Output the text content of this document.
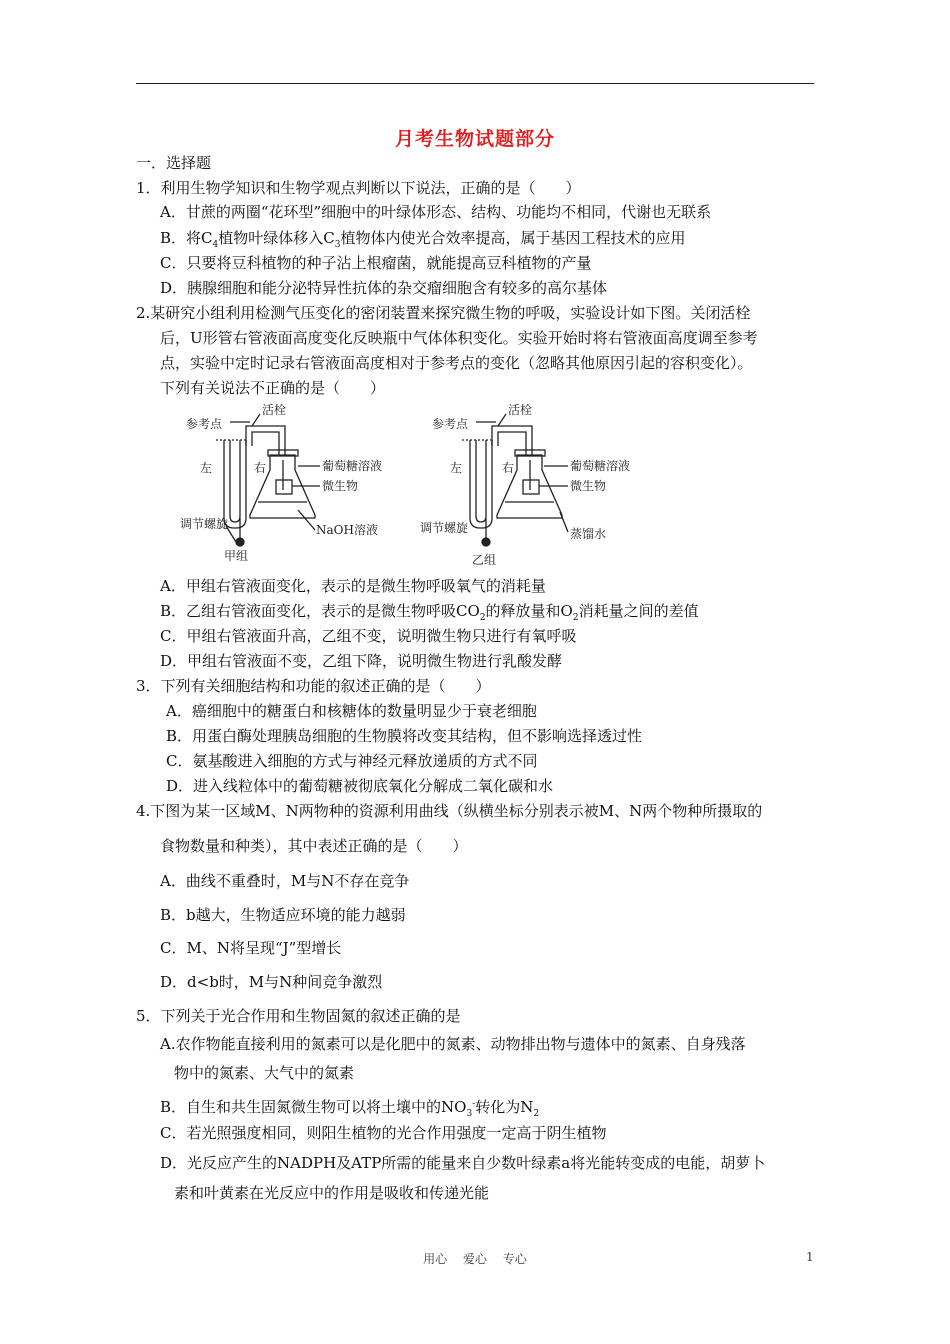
月考生物试题部分
一．选择题
1．利用生物学知识和生物学观点判断以下说法，正确的是（　　）
A．甘蔗的两圈“花环型”细胞中的叶绿体形态、结构、功能均不相同，代谢也无联系
B．将$C_4$植物叶绿体移入$C_3$植物体内使光合效率提高，属于基因工程技术的应用
C．只要将豆科植物的种子沾上根瘤菌，就能提高豆科植物的产量
D．胰腺细胞和能分泌特异性抗体的杂交瘤细胞含有较多的高尔基体
2.某研究小组利用检测气压变化的密闭装置来探究微生物的呼吸，实验设计如下图。关闭活栓
后，U形管右管液面高度变化反映瓶中气体体积变化。实验开始时将右管液面高度调至参考
点，实验中定时记录右管液面高度相对于参考点的变化（忽略其他原因引起的容积变化）。
下列有关说法不正确的是（　　）
参考点
活栓
左	右	葡萄糖溶液
微生物
调节螺旋	NaOH溶液
甲组
参考点
活栓
左	右	葡萄糖溶液
微生物
调节螺旋	蒸馏水
乙组
A．甲组右管液面变化，表示的是微生物呼吸氧气的消耗量
B．乙组右管液面变化，表示的是微生物呼吸$CO_2$的释放量和$O_2$消耗量之间的差值
C．甲组右管液面升高，乙组不变，说明微生物只进行有氧呼吸
D．甲组右管液面不变，乙组下降，说明微生物进行乳酸发酵
3．下列有关细胞结构和功能的叙述正确的是（　　）
A．癌细胞中的糖蛋白和核糖体的数量明显少于衰老细胞
B．用蛋白酶处理胰岛细胞的生物膜将改变其结构，但不影响选择透过性
C．氨基酸进入细胞的方式与神经元释放递质的方式不同
D．进入线粒体中的葡萄糖被彻底氧化分解成二氧化碳和水
4.下图为某一区域M、N两物种的资源利用曲线（纵横坐标分别表示被M、N两个物种所摄取的
食物数量和种类），其中表述正确的是（　　）
A．曲线不重叠时，M与N不存在竞争
B．b越大，生物适应环境的能力越弱
C．M、N将呈现“J”型增长
D．d<b时，M与N种间竞争激烈
5．下列关于光合作用和生物固氮的叙述正确的是
A.农作物能直接利用的氮素可以是化肥中的氮素、动物排出物与遗体中的氮素、自身残落
物中的氮素、大气中的氮素
B．自生和共生固氮微生物可以将土壤中的$NO_3^-$转化为$N_2$
C．若光照强度相同，则阳生植物的光合作用强度一定高于阴生植物
D．光反应产生的NADPH及ATP所需的能量来自少数叶绿素a将光能转变成的电能，胡萝卜
素和叶黄素在光反应中的作用是吸收和传递光能
用心　 爱心　 专心	1
